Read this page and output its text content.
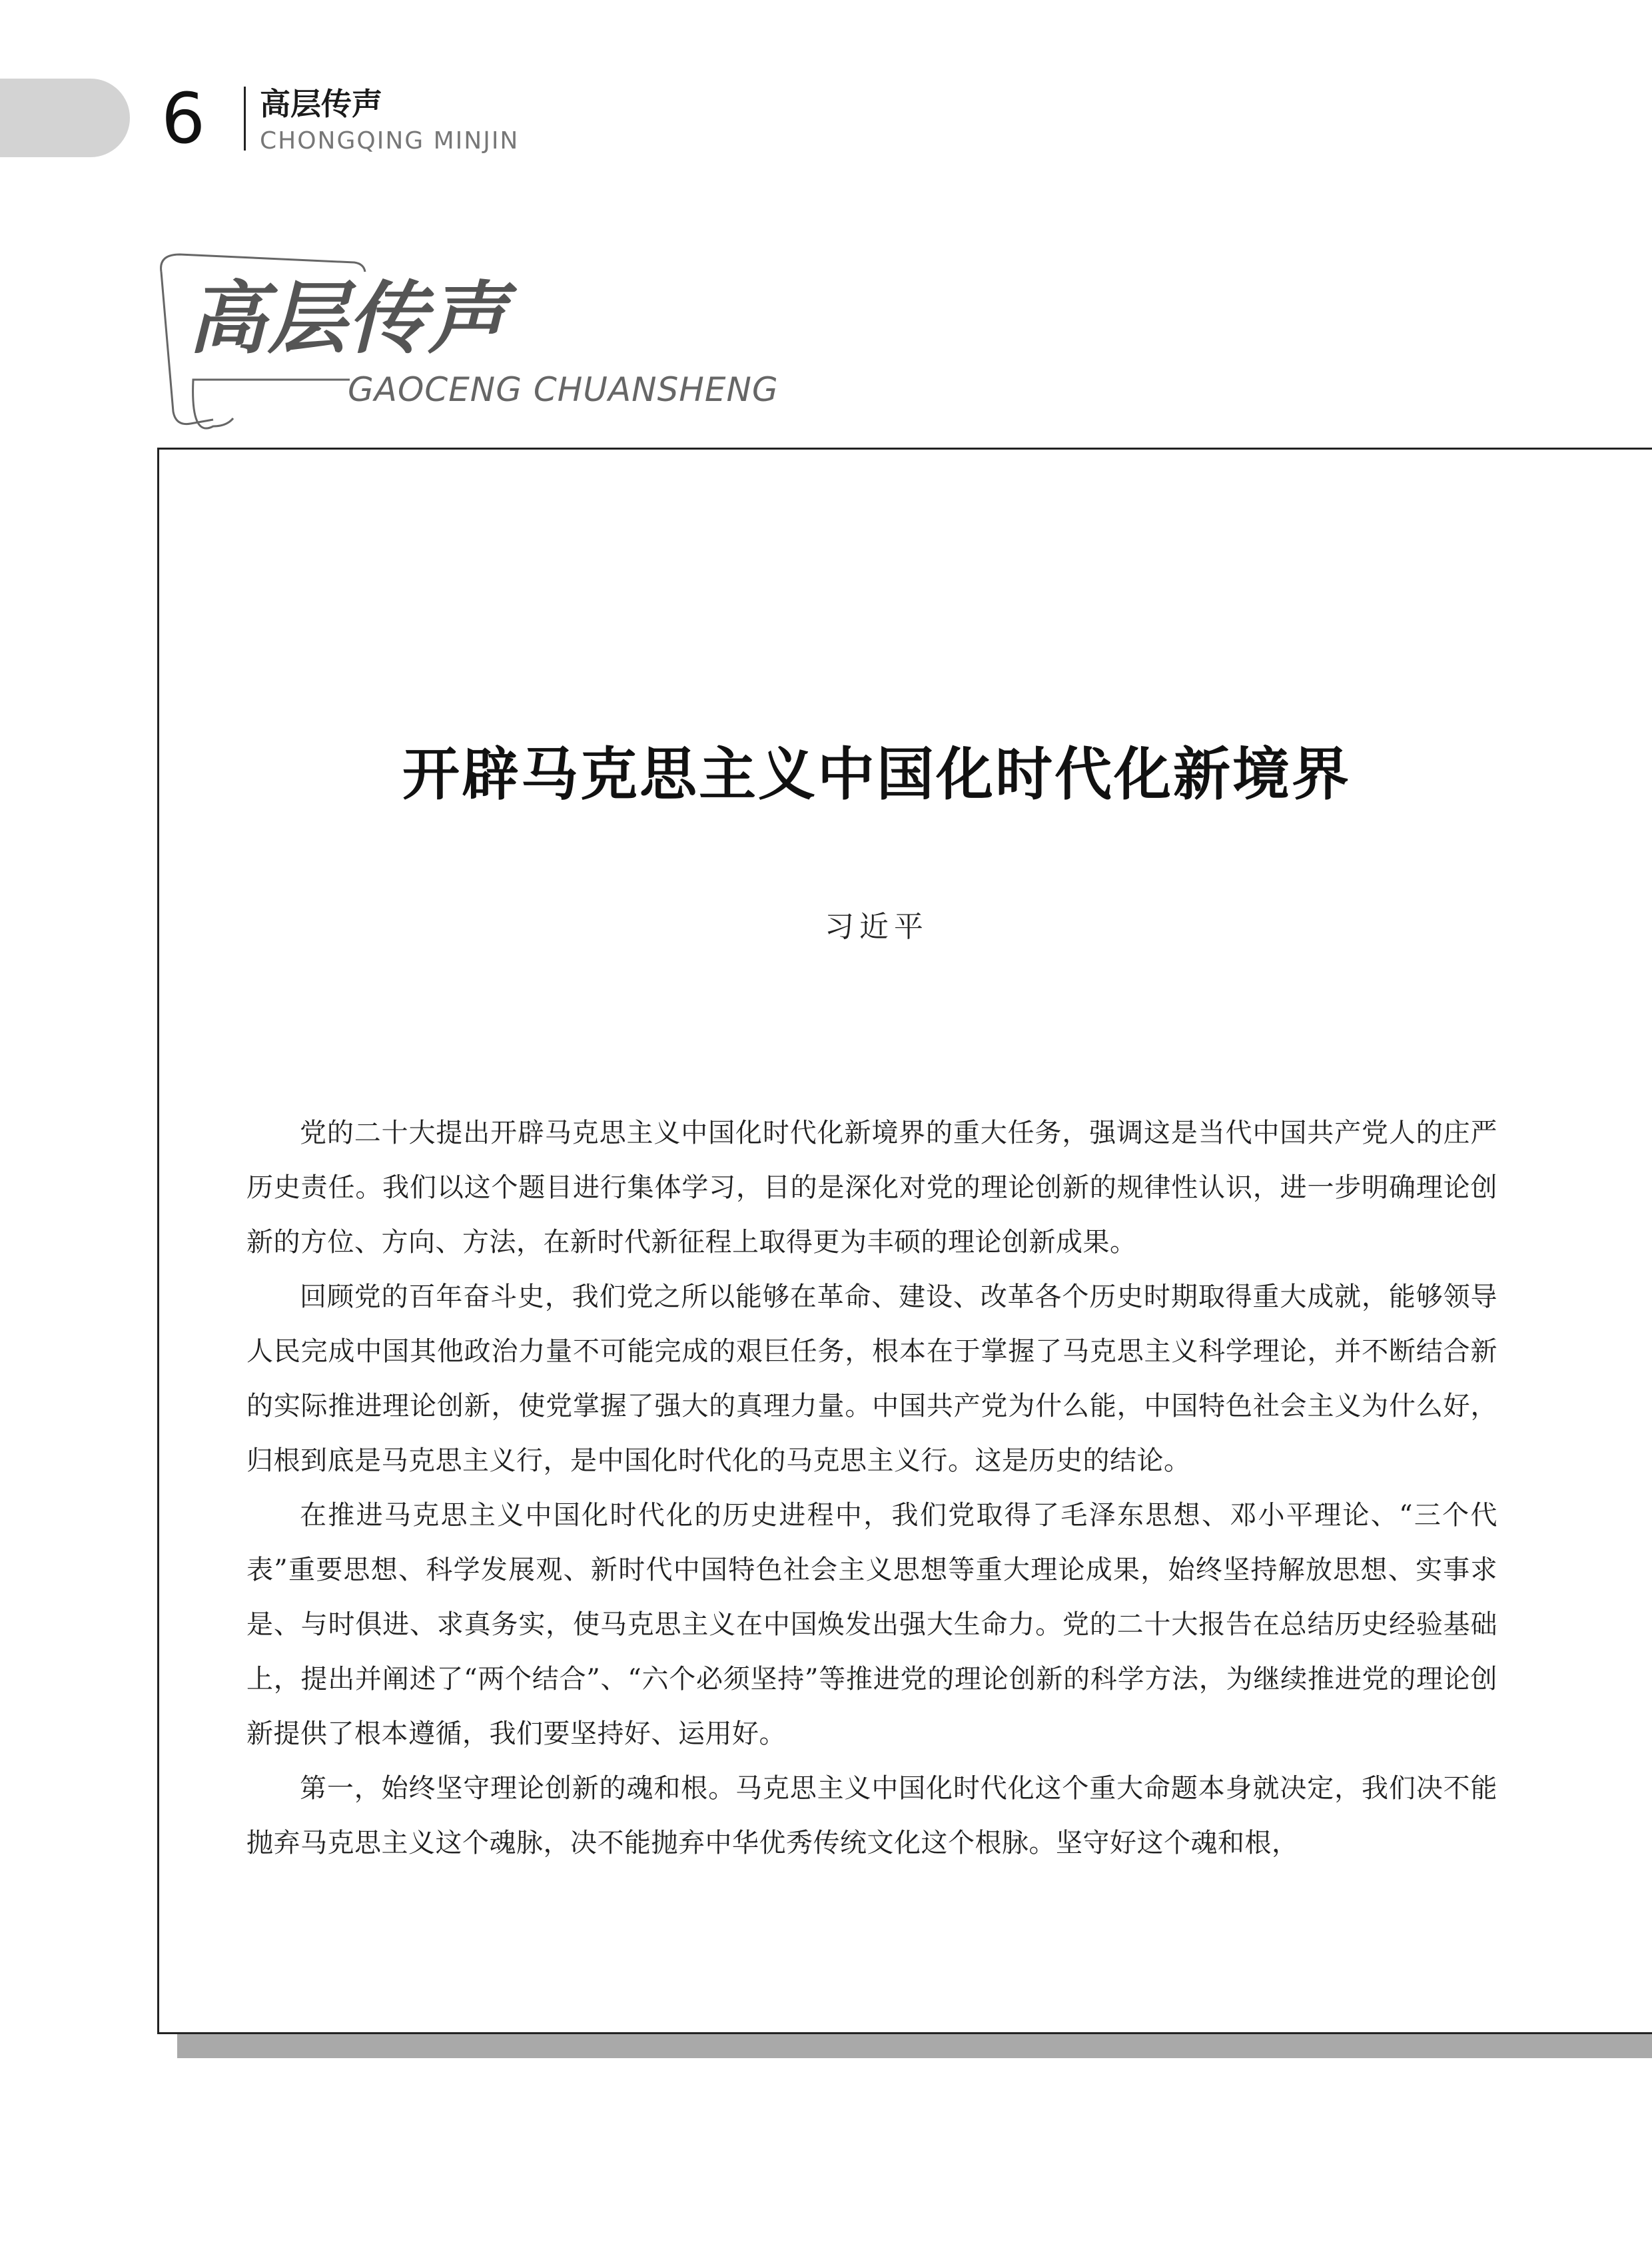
6 高层传声
CHONGQING MINJIN
高层传声
GAOCENG CHUANSHENG
开辟马克思主义中国化时代化新境界
习近平

党的二十大提出开辟马克思主义中国化时代化新境界的重大任务，强调这是当代中国共产党人的庄严历史责任。我们以这个题目进行集体学习，目的是深化对党的理论创新的规律性认识，进一步明确理论创新的方位、方向、方法，在新时代新征程上取得更为丰硕的理论创新成果。

回顾党的百年奋斗史，我们党之所以能够在革命、建设、改革各个历史时期取得重大成就，能够领导人民完成中国其他政治力量不可能完成的艰巨任务，根本在于掌握了马克思主义科学理论，并不断结合新的实际推进理论创新，使党掌握了强大的真理力量。中国共产党为什么能，中国特色社会主义为什么好，归根到底是马克思主义行，是中国化时代化的马克思主义行。这是历史的结论。

在推进马克思主义中国化时代化的历史进程中，我们党取得了毛泽东思想、邓小平理论、“三个代表”重要思想、科学发展观、新时代中国特色社会主义思想等重大理论成果，始终坚持解放思想、实事求是、与时俱进、求真务实，使马克思主义在中国焕发出强大生命力。党的二十大报告在总结历史经验基础上，提出并阐述了“两个结合”、“六个必须坚持”等推进党的理论创新的科学方法，为继续推进党的理论创新提供了根本遵循，我们要坚持好、运用好。

第一，始终坚守理论创新的魂和根。马克思主义中国化时代化这个重大命题本身就决定，我们决不能抛弃马克思主义这个魂脉，决不能抛弃中华优秀传统文化这个根脉。坚守好这个魂和根，
